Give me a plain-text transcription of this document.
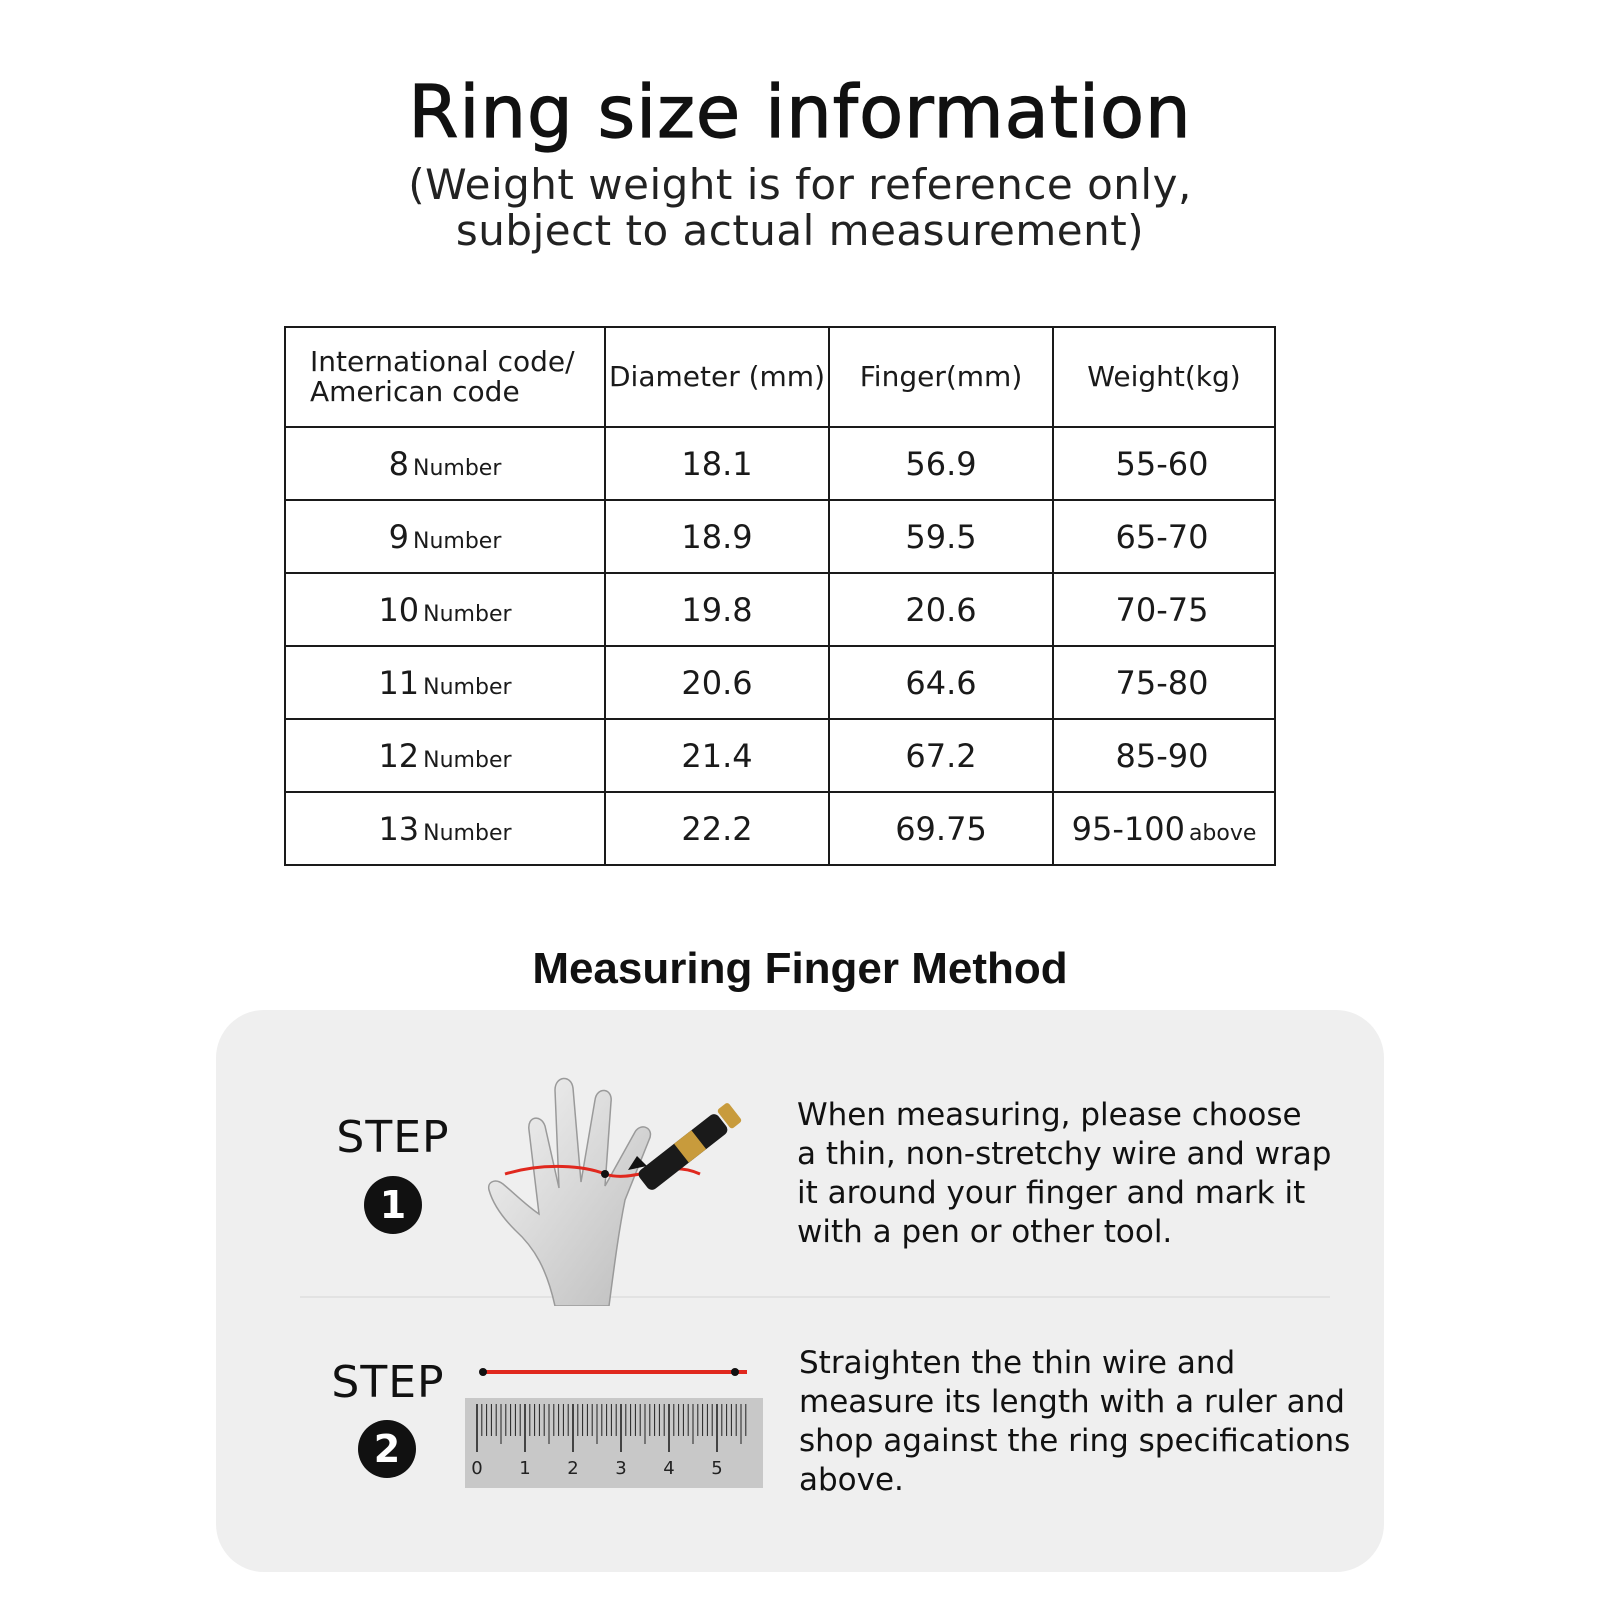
Ring size information
(Weight weight is for reference only,
subject to actual measurement)
International code/
American code	Diameter (mm)	Finger(mm)	Weight(kg)
8 Number	18.1	56.9	55-60
9 Number	18.9	59.5	65-70
10 Number	19.8	20.6	70-75
11 Number	20.6	64.6	75-80
12 Number	21.4	67.2	85-90
13 Number	22.2	69.75	95-100 above
Measuring Finger Method
STEP
1
When measuring, please choose
a thin, non-stretchy wire and wrap
it around your finger and mark it
with a pen or other tool.
STEP
2	0 1 2 3 4 5
Straighten the thin wire and
measure its length with a ruler and
shop against the ring specifications
above.
